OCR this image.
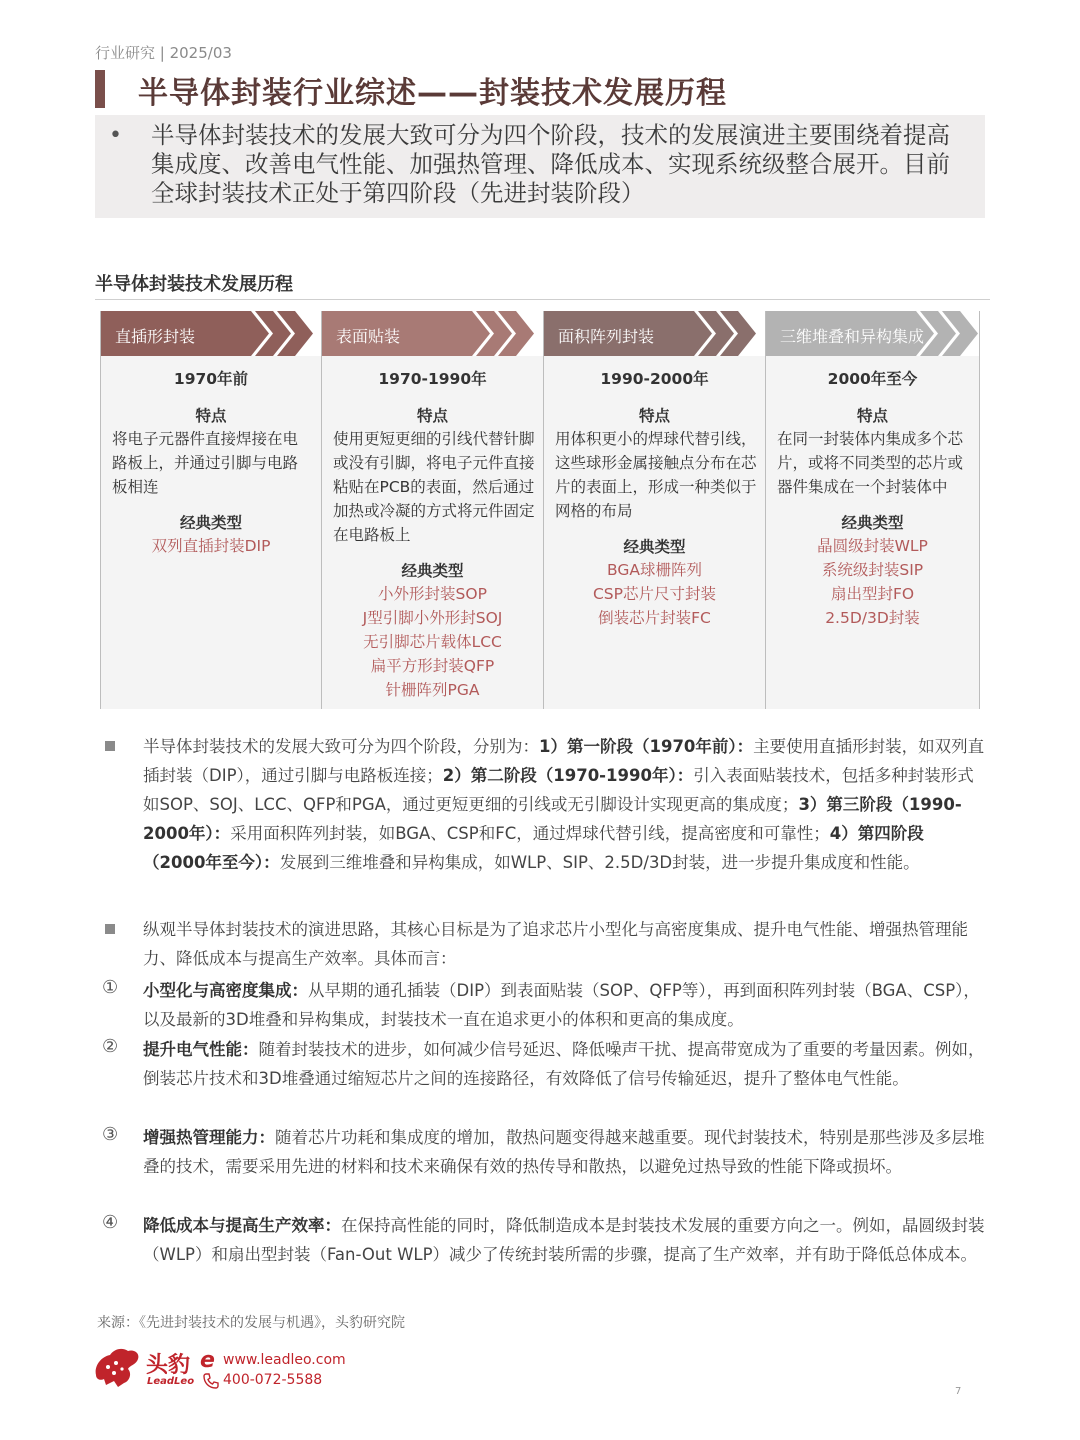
行业研究 | 2025/03
半导体封装行业综述——封装技术发展历程
• 半导体封装技术的发展大致可分为四个阶段，技术的发展演进主要围绕着提高集成度、改善电气性能、加强热管理、降低成本、实现系统级整合展开。目前全球封装技术正处于第四阶段（先进封装阶段）
半导体封装技术发展历程
直插形封装
1970年前
特点
将电子元器件直接焊接在电路板上，并通过引脚与电路板相连
经典类型
双列直插封装DIP
表面贴装
1970-1990年
特点
使用更短更细的引线代替针脚或没有引脚，将电子元件直接粘贴在PCB的表面，然后通过加热或冷凝的方式将元件固定在电路板上
经典类型
小外形封装SOP
J型引脚小外形封SOJ
无引脚芯片载体LCC
扁平方形封装QFP
针栅阵列PGA
面积阵列封装
1990-2000年
特点
用体积更小的焊球代替引线，这些球形金属接触点分布在芯片的表面上，形成一种类似于网格的布局
经典类型
BGA球栅阵列
CSP芯片尺寸封装
倒装芯片封装FC
三维堆叠和异构集成
2000年至今
特点
在同一封装体内集成多个芯片，或将不同类型的芯片或器件集成在一个封装体中
经典类型
晶圆级封装WLP
系统级封装SIP
扇出型封FO
2.5D/3D封装
半导体封装技术的发展大致可分为四个阶段，分别为：1）第一阶段（1970年前）：主要使用直插形封装，如双列直插封装（DIP），通过引脚与电路板连接；2）第二阶段（1970-1990年）：引入表面贴装技术，包括多种封装形式如SOP、SOJ、LCC、QFP和PGA，通过更短更细的引线或无引脚设计实现更高的集成度；3）第三阶段（1990-2000年）：采用面积阵列封装，如BGA、CSP和FC，通过焊球代替引线，提高密度和可靠性；4）第四阶段（2000年至今）：发展到三维堆叠和异构集成，如WLP、SIP、2.5D/3D封装，进一步提升集成度和性能。
纵观半导体封装技术的演进思路，其核心目标是为了追求芯片小型化与高密度集成、提升电气性能、增强热管理能力、降低成本与提高生产效率。具体而言：
① 小型化与高密度集成：从早期的通孔插装（DIP）到表面贴装（SOP、QFP等），再到面积阵列封装（BGA、CSP），以及最新的3D堆叠和异构集成，封装技术一直在追求更小的体积和更高的集成度。
② 提升电气性能：随着封装技术的进步，如何减少信号延迟、降低噪声干扰、提高带宽成为了重要的考量因素。例如，倒装芯片技术和3D堆叠通过缩短芯片之间的连接路径，有效降低了信号传输延迟，提升了整体电气性能。
③ 增强热管理能力：随着芯片功耗和集成度的增加，散热问题变得越来越重要。现代封装技术，特别是那些涉及多层堆叠的技术，需要采用先进的材料和技术来确保有效的热传导和散热，以避免过热导致的性能下降或损坏。
④ 降低成本与提高生产效率：在保持高性能的同时，降低制造成本是封装技术发展的重要方向之一。例如，晶圆级封装（WLP）和扇出型封装（Fan-Out WLP）减少了传统封装所需的步骤，提高了生产效率，并有助于降低总体成本。
来源：《先进封装技术的发展与机遇》，头豹研究院
头豹
LeadLeo
e www.leadleo.com
400-072-5588
7
